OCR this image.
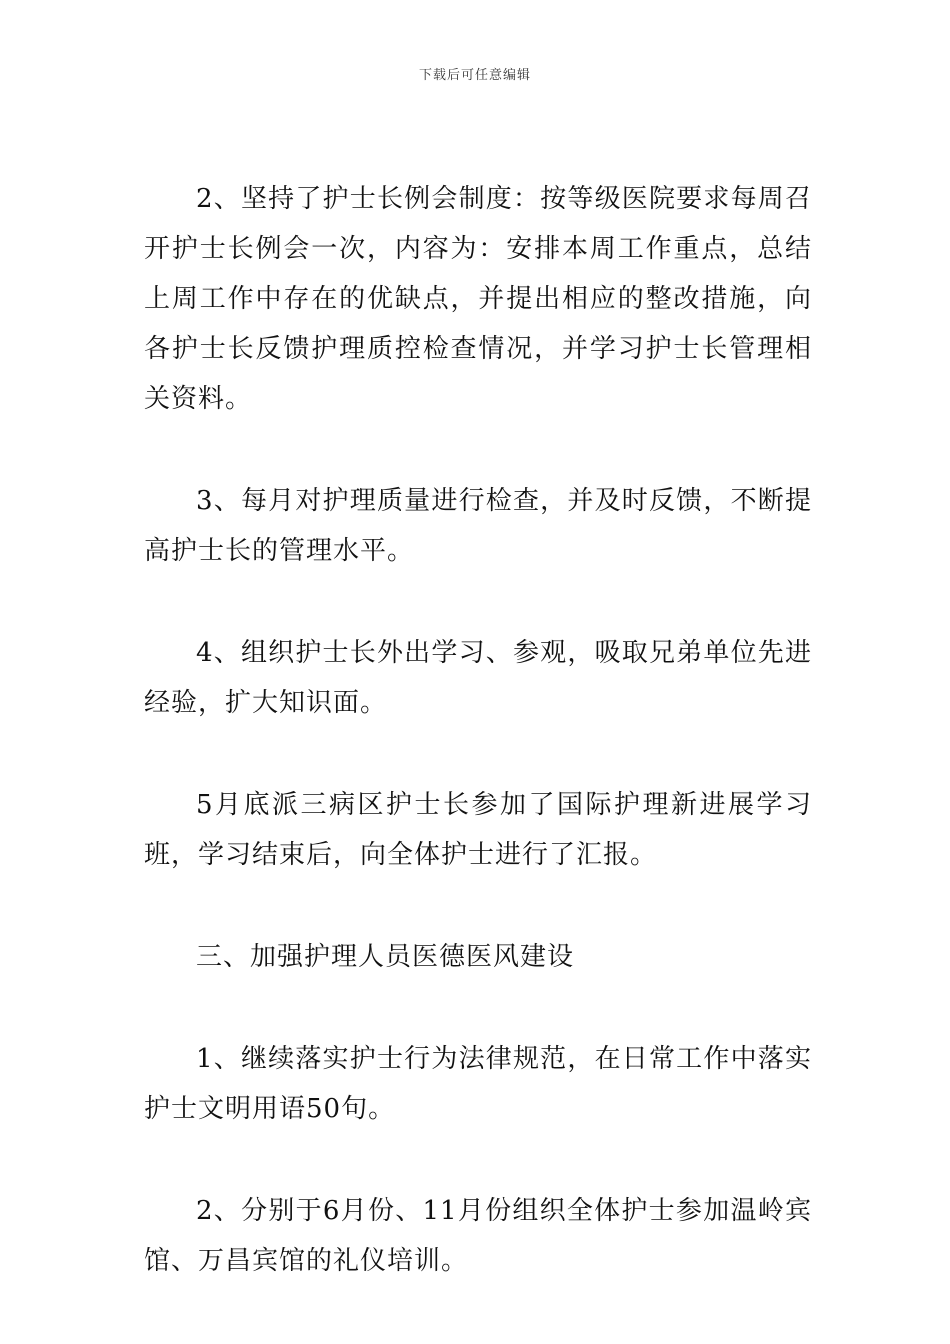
下载后可任意编辑

2、坚持了护士长例会制度：按等级医院要求每周召开护士长例会一次，内容为：安排本周工作重点，总结上周工作中存在的优缺点，并提出相应的整改措施，向各护士长反馈护理质控检查情况，并学习护士长管理相关资料。

3、每月对护理质量进行检查，并及时反馈，不断提高护士长的管理水平。

4、组织护士长外出学习、参观，吸取兄弟单位先进经验，扩大知识面。

5月底派三病区护士长参加了国际护理新进展学习 班，学习结束后，向全体护士进行了汇报。

三、加强护理人员医德医风建设

1、继续落实护士行为法律规范，在日常工作中落实护士文明用语50句。

2、分别于6月份、11月份组织全体护士参加温岭宾馆、万昌宾馆的礼仪培训。
